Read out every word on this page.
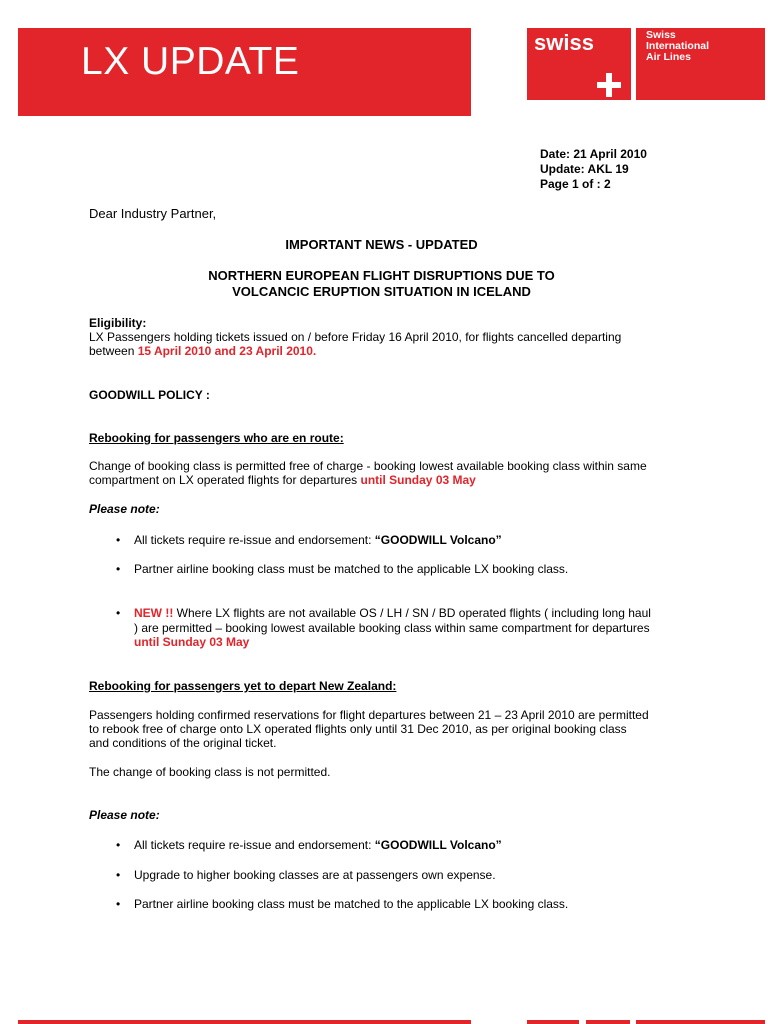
LX UPDATE	swiss	Swiss
International
Air Lines
Date: 21 April 2010
Update: AKL 19
Page 1 of : 2
Dear Industry Partner,
IMPORTANT NEWS - UPDATED
NORTHERN EUROPEAN FLIGHT DISRUPTIONS DUE TO
VOLCANCIC ERUPTION SITUATION IN ICELAND
Eligibility:
LX Passengers holding tickets issued on / before Friday 16 April 2010, for flights cancelled departing
between 15 April 2010 and 23 April 2010.
GOODWILL POLICY :
Rebooking for passengers who are en route:
Change of booking class is permitted free of charge - booking lowest available booking class within same
compartment on LX operated flights for departures until Sunday 03 May
Please note:
• All tickets require re-issue and endorsement: “GOODWILL Volcano”
• Partner airline booking class must be matched to the applicable LX booking class.
• NEW !! Where LX flights are not available OS / LH / SN / BD operated flights ( including long haul
) are permitted – booking lowest available booking class within same compartment for departures
until Sunday 03 May
Rebooking for passengers yet to depart New Zealand:
Passengers holding confirmed reservations for flight departures between 21 – 23 April 2010 are permitted
to rebook free of charge onto LX operated flights only until 31 Dec 2010, as per original booking class
and conditions of the original ticket.
The change of booking class is not permitted.
Please note:
• All tickets require re-issue and endorsement: “GOODWILL Volcano”
• Upgrade to higher booking classes are at passengers own expense.
• Partner airline booking class must be matched to the applicable LX booking class.
